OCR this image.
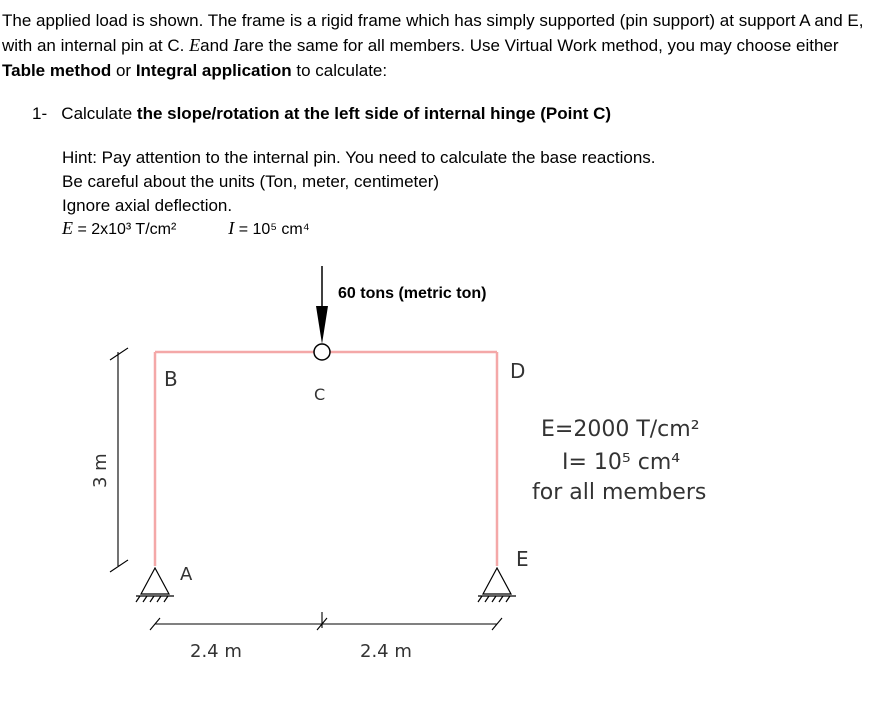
The applied load is shown. The frame is a rigid frame which has simply supported (pin support) at support A and E, with an internal pin at C. Eand Iare the same for all members. Use Virtual Work method, you may choose either Table method or Integral application to calculate:
1- Calculate the slope/rotation at the left side of internal hinge (Point C)
Hint: Pay attention to the internal pin. You need to calculate the base reactions.
Be careful about the units (Ton, meter, centimeter)
Ignore axial deflection.
E = 2x10³ T/cm²	I = 10⁵ cm⁴
60 tons (metric ton)
B
C
D
A
E
3 m
2.4 m	2.4 m
E=2000 T/cm²
I= 10⁵ cm⁴
for all members
